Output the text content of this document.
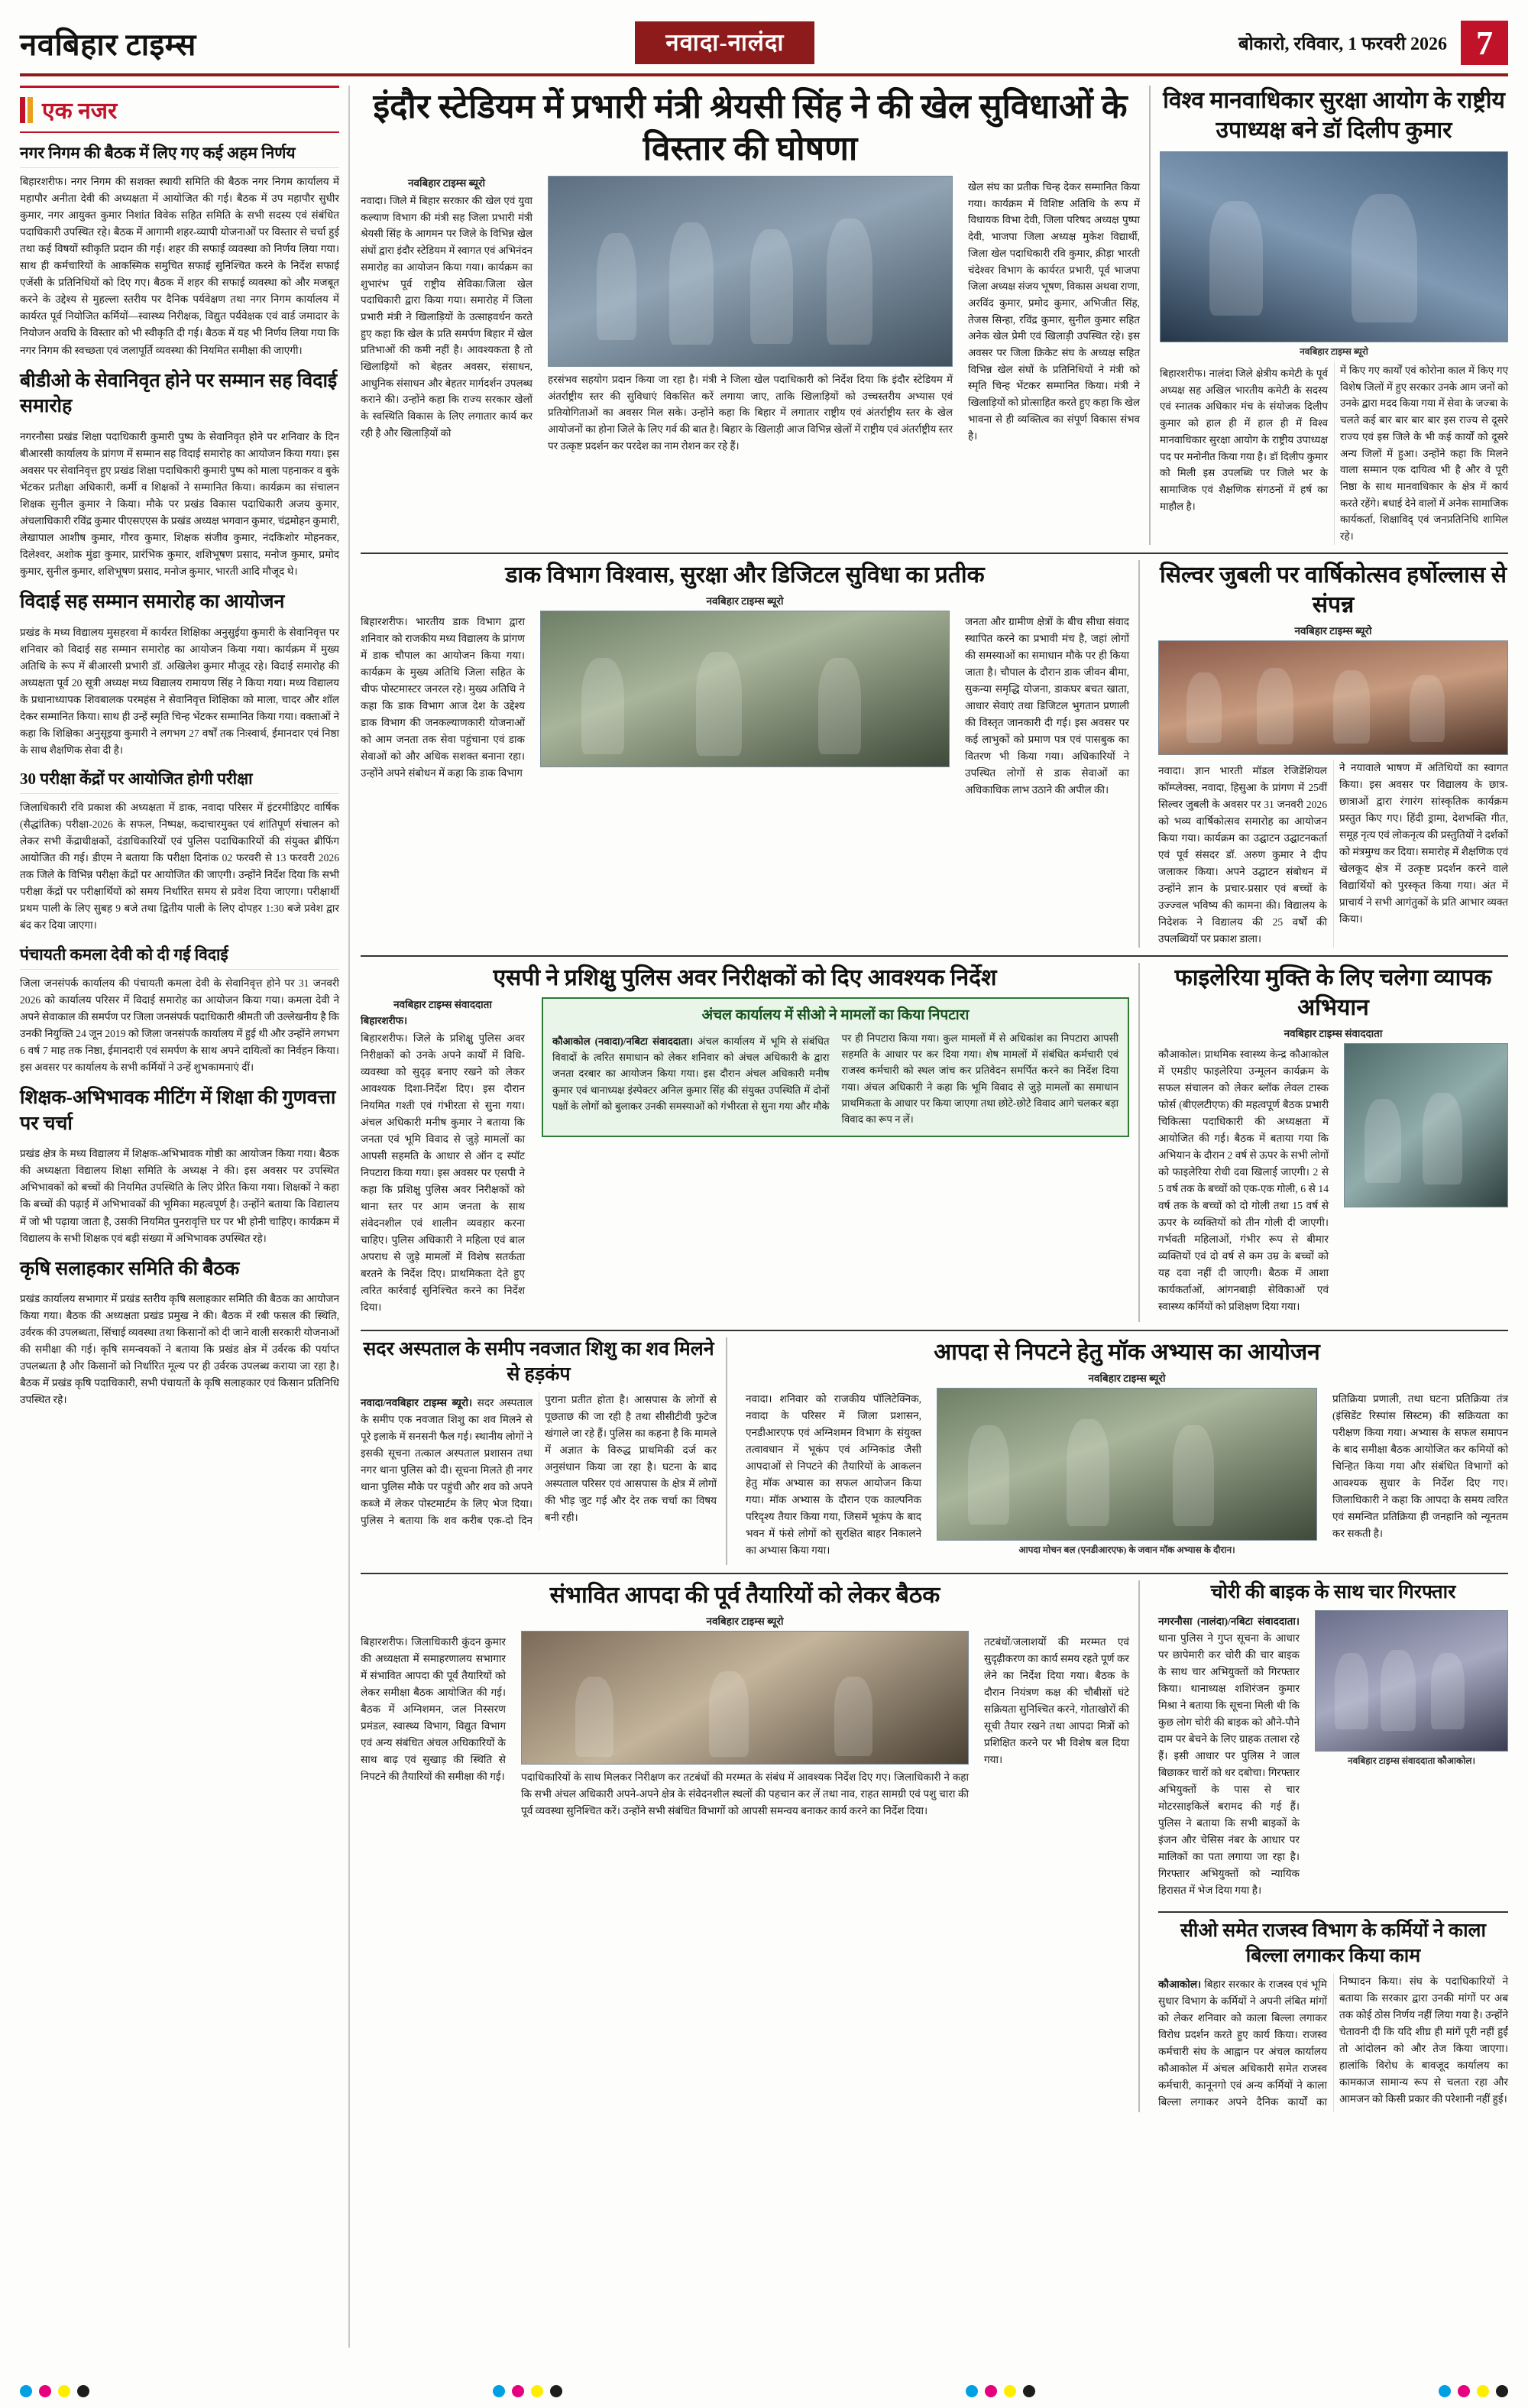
नवबिहार टाइम्स	नवादा-नालंदा	बोकारो, रविवार, 1 फरवरी 2026 7
एक नजर
नगर निगम की बैठक में लिए गए कई अहम निर्णय
बिहारशरीफ। नगर निगम की सशक्त स्थायी समिति की बैठक नगर निगम कार्यालय में महापौर अनीता देवी की अध्यक्षता में आयोजित की गई। बैठक में उप महापौर सुधीर कुमार, नगर आयुक्त कुमार निशांत विवेक सहित समिति के सभी सदस्य एवं संबंधित पदाधिकारी उपस्थित रहे। बैठक में आगामी शहर-व्यापी योजनाओं पर विस्तार से चर्चा हुई तथा कई विषयों स्वीकृति प्रदान की गई। शहर की सफाई व्यवस्था को निर्णय लिया गया। साथ ही कर्मचारियों के आकस्मिक समुचित सफाई सुनिश्चित करने के निर्देश सफाई एजेंसी के प्रतिनिधियों को दिए गए। बैठक में शहर की सफाई व्यवस्था को और मजबूत करने के उद्देश्य से मुहल्ला स्तरीय पर दैनिक पर्यवेक्षण तथा नगर निगम कार्यालय में कार्यरत पूर्व नियोजित कर्मियों—स्वास्थ्य निरीक्षक, विद्युत पर्यवेक्षक एवं वार्ड जमादार के नियोजन अवधि के विस्तार को भी स्वीकृति दी गई। बैठक में यह भी निर्णय लिया गया कि नगर निगम की स्वच्छता एवं जलापूर्ति व्यवस्था की नियमित समीक्षा की जाएगी।
बीडीओ के सेवानिवृत होने पर सम्मान सह विदाई समारोह
नगरनौसा प्रखंड शिक्षा पदाधिकारी कुमारी पुष्प के सेवानिवृत होने पर शनिवार के दिन बीआरसी कार्यालय के प्रांगण में सम्मान सह विदाई समारोह का आयोजन किया गया। इस अवसर पर सेवानिवृत्त हुए प्रखंड शिक्षा पदाधिकारी कुमारी पुष्प को माला पहनाकर व बुके भेंटकर प्रतीक्षा अधिकारी, कर्मी व शिक्षकों ने सम्मानित किया। कार्यक्रम का संचालन शिक्षक सुनील कुमार ने किया। मौके पर प्रखंड विकास पदाधिकारी अजय कुमार, अंचलाधिकारी रविंद्र कुमार पीएसएएस के प्रखंड अध्यक्ष भगवान कुमार, चंद्रमोहन कुमारी, लेखापाल आशीष कुमार, गौरव कुमार, शिक्षक संजीव कुमार, नंदकिशोर मोहनकर, दिलेश्वर, अशोक मुंडा कुमार, प्रारंभिक कुमार, शशिभूषण प्रसाद, मनोज कुमार, प्रमोद कुमार, सुनील कुमार, शशिभूषण प्रसाद, मनोज कुमार, भारती आदि मौजूद थे।
विदाई सह सम्मान समारोह का आयोजन
प्रखंड के मध्य विद्यालय मुसहरवा में कार्यरत शिक्षिका अनुसुईया कुमारी के सेवानिवृत्त पर शनिवार को विदाई सह सम्मान समारोह का आयोजन किया गया। कार्यक्रम में मुख्य अतिथि के रूप में बीआरसी प्रभारी डॉ. अखिलेश कुमार मौजूद रहे। विदाई समारोह की अध्यक्षता पूर्व 20 सूत्री अध्यक्ष मध्य विद्यालय रामायण सिंह ने किया गया। मध्य विद्यालय के प्रधानाध्यापक शिवबालक परमहंस ने सेवानिवृत्त शिक्षिका को माला, चादर और शॉल देकर सम्मानित किया। साथ ही उन्हें स्मृति चिन्ह भेंटकर सम्मानित किया गया। वक्ताओं ने कहा कि शिक्षिका अनुसूइया कुमारी ने लगभग 27 वर्षों तक निःस्वार्थ, ईमानदार एवं निष्ठा के साथ शैक्षणिक सेवा दी है।
30 परीक्षा केंद्रों पर आयोजित होगी परीक्षा
जिलाधिकारी रवि प्रकाश की अध्यक्षता में डाक, नवादा परिसर में इंटरमीडिएट वार्षिक (सैद्धांतिक) परीक्षा-2026 के सफल, निष्पक्ष, कदाचारमुक्त एवं शांतिपूर्ण संचालन को लेकर सभी केंद्राधीक्षकों, दंडाधिकारियों एवं पुलिस पदाधिकारियों की संयुक्त ब्रीफिंग आयोजित की गई। डीएम ने बताया कि परीक्षा दिनांक 02 फरवरी से 13 फरवरी 2026 तक जिले के विभिन्न परीक्षा केंद्रों पर आयोजित की जाएगी। उन्होंने निर्देश दिया कि सभी परीक्षा केंद्रों पर परीक्षार्थियों को समय निर्धारित समय से प्रवेश दिया जाएगा। परीक्षार्थी प्रथम पाली के लिए सुबह 9 बजे तथा द्वितीय पाली के लिए दोपहर 1:30 बजे प्रवेश द्वार बंद कर दिया जाएगा।
पंचायती कमला देवी को दी गई विदाई
जिला जनसंपर्क कार्यालय की पंचायती कमला देवी के सेवानिवृत्त होने पर 31 जनवरी 2026 को कार्यालय परिसर में विदाई समारोह का आयोजन किया गया। कमला देवी ने अपने सेवाकाल की समर्पण पर जिला जनसंपर्क पदाधिकारी श्रीमती जी उल्लेखनीय है कि उनकी नियुक्ति 24 जून 2019 को जिला जनसंपर्क कार्यालय में हुई थी और उन्होंने लगभग 6 वर्ष 7 माह तक निष्ठा, ईमानदारी एवं समर्पण के साथ अपने दायित्वों का निर्वहन किया। इस अवसर पर कार्यालय के सभी कर्मियों ने उन्हें शुभकामनाएं दीं।
शिक्षक-अभिभावक मीटिंग में शिक्षा की गुणवत्ता पर चर्चा
प्रखंड क्षेत्र के मध्य विद्यालय में शिक्षक-अभिभावक गोष्ठी का आयोजन किया गया। बैठक की अध्यक्षता विद्यालय शिक्षा समिति के अध्यक्ष ने की। इस अवसर पर उपस्थित अभिभावकों को बच्चों की नियमित उपस्थिति के लिए प्रेरित किया गया। शिक्षकों ने कहा कि बच्चों की पढ़ाई में अभिभावकों की भूमिका महत्वपूर्ण है। उन्होंने बताया कि विद्यालय में जो भी पढ़ाया जाता है, उसकी नियमित पुनरावृत्ति घर पर भी होनी चाहिए। कार्यक्रम में विद्यालय के सभी शिक्षक एवं बड़ी संख्या में अभिभावक उपस्थित रहे।
कृषि सलाहकार समिति की बैठक
प्रखंड कार्यालय सभागार में प्रखंड स्तरीय कृषि सलाहकार समिति की बैठक का आयोजन किया गया। बैठक की अध्यक्षता प्रखंड प्रमुख ने की। बैठक में रबी फसल की स्थिति, उर्वरक की उपलब्धता, सिंचाई व्यवस्था तथा किसानों को दी जाने वाली सरकारी योजनाओं की समीक्षा की गई। कृषि समन्वयकों ने बताया कि प्रखंड क्षेत्र में उर्वरक की पर्याप्त उपलब्धता है और किसानों को निर्धारित मूल्य पर ही उर्वरक उपलब्ध कराया जा रहा है। बैठक में प्रखंड कृषि पदाधिकारी, सभी पंचायतों के कृषि सलाहकार एवं किसान प्रतिनिधि उपस्थित रहे।
इंदौर स्टेडियम में प्रभारी मंत्री श्रेयसी सिंह ने की खेल सुविधाओं के विस्तार की घोषणा
नवबिहार टाइम्स ब्यूरो
नवादा। जिले में बिहार सरकार की खेल एवं युवा कल्याण विभाग की मंत्री सह जिला प्रभारी मंत्री श्रेयसी सिंह के आगमन पर जिले के विभिन्न खेल संघों द्वारा इंदौर स्टेडियम में स्वागत एवं अभिनंदन समारोह का आयोजन किया गया। कार्यक्रम का शुभारंभ पूर्व राष्ट्रीय सेविका/जिला खेल पदाधिकारी द्वारा किया गया। समारोह में जिला प्रभारी मंत्री ने खिलाड़ियों के उत्साहवर्धन करते हुए कहा कि खेल के प्रति समर्पण बिहार में खेल प्रतिभाओं की कमी नहीं है। आवश्यकता है तो खिलाड़ियों को बेहतर अवसर, संसाधन, आधुनिक संसाधन और बेहतर मार्गदर्शन उपलब्ध कराने की। उन्होंने कहा कि राज्य सरकार खेलों के स्वस्थिति विकास के लिए लगातार कार्य कर रही है और खिलाड़ियों को
हरसंभव सहयोग प्रदान किया जा रहा है। मंत्री ने जिला खेल पदाधिकारी को निर्देश दिया कि इंदौर स्टेडियम में अंतर्राष्ट्रीय स्तर की सुविधाएं विकसित करें लगाया जाए, ताकि खिलाड़ियों को उच्चस्तरीय अभ्यास एवं प्रतियोगिताओं का अवसर मिल सके। उन्होंने कहा कि बिहार में लगातार राष्ट्रीय एवं अंतर्राष्ट्रीय स्तर के खेल आयोजनों का होना जिले के लिए गर्व की बात है। बिहार के खिलाड़ी आज विभिन्न खेलों में राष्ट्रीय एवं अंतर्राष्ट्रीय स्तर पर उत्कृष्ट प्रदर्शन कर परदेश का नाम रोशन कर रहे हैं।
खेल संघ का प्रतीक चिन्ह देकर सम्मानित किया गया। कार्यक्रम में विशिष्ट अतिथि के रूप में विधायक विभा देवी, जिला परिषद अध्यक्ष पुष्पा देवी, भाजपा जिला अध्यक्ष मुकेश विद्यार्थी, जिला खेल पदाधिकारी रवि कुमार, क्रीड़ा भारती चंदेश्वर विभाग के कार्यरत प्रभारी, पूर्व भाजपा जिला अध्यक्ष संजय भूषण, विकास अथवा राणा, अरविंद कुमार, प्रमोद कुमार, अभिजीत सिंह, तेजस सिन्हा, रविंद्र कुमार, सुनील कुमार सहित अनेक खेल प्रेमी एवं खिलाड़ी उपस्थित रहे। इस अवसर पर जिला क्रिकेट संघ के अध्यक्ष सहित विभिन्न खेल संघों के प्रतिनिधियों ने मंत्री को स्मृति चिन्ह भेंटकर सम्मानित किया। मंत्री ने खिलाड़ियों को प्रोत्साहित करते हुए कहा कि खेल भावना से ही व्यक्तित्व का संपूर्ण विकास संभव है।
विश्व मानवाधिकार सुरक्षा आयोग के राष्ट्रीय उपाध्यक्ष बने डॉ दिलीप कुमार
नवबिहार टाइम्स ब्यूरो
बिहारशरीफ। नालंदा जिले क्षेत्रीय कमेटी के पूर्व अध्यक्ष सह अखिल भारतीय कमेटी के सदस्य एवं स्नातक अधिकार मंच के संयोजक दिलीप कुमार को हाल ही में हाल ही में विश्व मानवाधिकार सुरक्षा आयोग के राष्ट्रीय उपाध्यक्ष पद पर मनोनीत किया गया है। डॉ दिलीप कुमार को मिली इस उपलब्धि पर जिले भर के सामाजिक एवं शैक्षणिक संगठनों में हर्ष का माहौल है।
में किए गए कार्यों एवं कोरोना काल में किए गए विशेष जिलों में हुए सरकार उनके आम जनों को उनके द्वारा मदद किया गया में सेवा के जज्बा के चलते कई बार बार बार बार इस राज्य से दूसरे राज्य एवं इस जिले के भी कई कार्यों को दूसरे अन्य जिलों में हुआ। उन्होंने कहा कि मिलने वाला सम्मान एक दायित्व भी है और वे पूरी निष्ठा के साथ मानवाधिकार के क्षेत्र में कार्य करते रहेंगे। बधाई देने वालों में अनेक सामाजिक कार्यकर्ता, शिक्षाविद् एवं जनप्रतिनिधि शामिल रहे।
डाक विभाग विश्वास, सुरक्षा और डिजिटल सुविधा का प्रतीक
नवबिहार टाइम्स ब्यूरो
बिहारशरीफ। भारतीय डाक विभाग द्वारा शनिवार को राजकीय मध्य विद्यालय के प्रांगण में डाक चौपाल का आयोजन किया गया। कार्यक्रम के मुख्य अतिथि जिला सहित के चीफ पोस्टमास्टर जनरल रहे। मुख्य अतिथि ने कहा कि डाक विभाग आज देश के उद्देश्य डाक विभाग की जनकल्याणकारी योजनाओं को आम जनता तक सेवा पहुंचाना एवं डाक सेवाओं को और अधिक सशक्त बनाना रहा। उन्होंने अपने संबोधन में कहा कि डाक विभाग
जनता और ग्रामीण क्षेत्रों के बीच सीधा संवाद स्थापित करने का प्रभावी मंच है, जहां लोगों की समस्याओं का समाधान मौके पर ही किया जाता है। चौपाल के दौरान डाक जीवन बीमा, सुकन्या समृद्धि योजना, डाकघर बचत खाता, आधार सेवाएं तथा डिजिटल भुगतान प्रणाली की विस्तृत जानकारी दी गई। इस अवसर पर कई लाभुकों को प्रमाण पत्र एवं पासबुक का वितरण भी किया गया। अधिकारियों ने उपस्थित लोगों से डाक सेवाओं का अधिकाधिक लाभ उठाने की अपील की।
सिल्वर जुबली पर वार्षिकोत्सव हर्षोल्लास से संपन्न
नवबिहार टाइम्स ब्यूरो
नवादा। ज्ञान भारती मॉडल रेजिडेंशियल कॉम्प्लेक्स, नवादा, हिसुआ के प्रांगण में 25वीं सिल्वर जुबली के अवसर पर 31 जनवरी 2026 को भव्य वार्षिकोत्सव समारोह का आयोजन किया गया। कार्यक्रम का उद्घाटन उद्घाटनकर्ता एवं पूर्व संसदर डॉ. अरुण कुमार ने दीप जलाकर किया। अपने उद्घाटन संबोधन में उन्होंने ज्ञान के प्रचार-प्रसार एवं बच्चों के उज्ज्वल भविष्य की कामना की। विद्यालय के निदेशक ने विद्यालय की 25 वर्षों की उपलब्धियों पर प्रकाश डाला।
ने नयावाले भाषण में अतिथियों का स्वागत किया। इस अवसर पर विद्यालय के छात्र-छात्राओं द्वारा रंगारंग सांस्कृतिक कार्यक्रम प्रस्तुत किए गए। हिंदी ड्रामा, देशभक्ति गीत, समूह नृत्य एवं लोकनृत्य की प्रस्तुतियों ने दर्शकों को मंत्रमुग्ध कर दिया। समारोह में शैक्षणिक एवं खेलकूद क्षेत्र में उत्कृष्ट प्रदर्शन करने वाले विद्यार्थियों को पुरस्कृत किया गया। अंत में प्राचार्य ने सभी आगंतुकों के प्रति आभार व्यक्त किया।
एसपी ने प्रशिक्षु पुलिस अवर निरीक्षकों को दिए आवश्यक निर्देश
नवबिहार टाइम्स संवाददाता
बिहारशरीफ।
बिहारशरीफ। जिले के प्रशिक्षु पुलिस अवर निरीक्षकों को उनके अपने कार्यों में विधि-व्यवस्था को सुदृढ़ बनाए रखने को लेकर आवश्यक दिशा-निर्देश दिए। इस दौरान नियमित गश्ती एवं गंभीरता से सुना गया। अंचल अधिकारी मनीष कुमार ने बताया कि जनता एवं भूमि विवाद से जुड़े मामलों का आपसी सहमति के आधार से ऑन द स्पॉट निपटारा किया गया। इस अवसर पर एसपी ने कहा कि प्रशिक्षु पुलिस अवर निरीक्षकों को थाना स्तर पर आम जनता के साथ संवेदनशील एवं शालीन व्यवहार करना चाहिए। पुलिस अधिकारी ने महिला एवं बाल अपराध से जुड़े मामलों में विशेष सतर्कता बरतने के निर्देश दिए। प्राथमिकता देते हुए त्वरित कार्रवाई सुनिश्चित करने का निर्देश दिया।
अंचल कार्यालय में सीओ ने मामलों का किया निपटारा
कौआकोल (नवादा)/नबिटा संवाददाता। अंचल कार्यालय में भूमि से संबंधित विवादों के त्वरित समाधान को लेकर शनिवार को अंचल अधिकारी के द्वारा जनता दरबार का आयोजन किया गया। इस दौरान अंचल अधिकारी मनीष कुमार एवं थानाध्यक्ष इंस्पेक्टर अनिल कुमार सिंह की संयुक्त उपस्थिति में दोनों पक्षों के लोगों को बुलाकर उनकी समस्याओं को गंभीरता से सुना गया और मौके पर ही निपटारा किया गया। कुल मामलों में से अधिकांश का निपटारा आपसी सहमति के आधार पर कर दिया गया। शेष मामलों में संबंधित कर्मचारी एवं राजस्व कर्मचारी को स्थल जांच कर प्रतिवेदन समर्पित करने का निर्देश दिया गया। अंचल अधिकारी ने कहा कि भूमि विवाद से जुड़े मामलों का समाधान प्राथमिकता के आधार पर किया जाएगा तथा छोटे-छोटे विवाद आगे चलकर बड़ा विवाद का रूप न लें।
फाइलेरिया मुक्ति के लिए चलेगा व्यापक अभियान
नवबिहार टाइम्स संवाददाता
कौआकोल। प्राथमिक स्वास्थ्य केन्द्र कौआकोल में एमडीए फाइलेरिया उन्मूलन कार्यक्रम के सफल संचालन को लेकर ब्लॉक लेवल टास्क फोर्स (बीएलटीएफ) की महत्वपूर्ण बैठक प्रभारी चिकित्सा पदाधिकारी की अध्यक्षता में आयोजित की गई। बैठक में बताया गया कि अभियान के दौरान 2 वर्ष से ऊपर के सभी लोगों को फाइलेरिया रोधी दवा खिलाई जाएगी। 2 से 5 वर्ष तक के बच्चों को एक-एक गोली, 6 से 14 वर्ष तक के बच्चों को दो गोली तथा 15 वर्ष से ऊपर के व्यक्तियों को तीन गोली दी जाएगी। गर्भवती महिलाओं, गंभीर रूप से बीमार व्यक्तियों एवं दो वर्ष से कम उम्र के बच्चों को यह दवा नहीं दी जाएगी। बैठक में आशा कार्यकर्ताओं, आंगनबाड़ी सेविकाओं एवं स्वास्थ्य कर्मियों को प्रशिक्षण दिया गया।
सदर अस्पताल के समीप नवजात शिशु का शव मिलने से हड़कंप
नवादा/नवबिहार टाइम्स ब्यूरो। सदर अस्पताल के समीप एक नवजात शिशु का शव मिलने से पूरे इलाके में सनसनी फैल गई। स्थानीय लोगों ने इसकी सूचना तत्काल अस्पताल प्रशासन तथा नगर थाना पुलिस को दी। सूचना मिलते ही नगर थाना पुलिस मौके पर पहुंची और शव को अपने कब्जे में लेकर पोस्टमार्टम के लिए भेज दिया। पुलिस ने बताया कि शव करीब एक-दो दिन पुराना प्रतीत होता है। आसपास के लोगों से पूछताछ की जा रही है तथा सीसीटीवी फुटेज खंगाले जा रहे हैं। पुलिस का कहना है कि मामले में अज्ञात के विरुद्ध प्राथमिकी दर्ज कर अनुसंधान किया जा रहा है। घटना के बाद अस्पताल परिसर एवं आसपास के क्षेत्र में लोगों की भीड़ जुट गई और देर तक चर्चा का विषय बनी रही।
आपदा से निपटने हेतु मॉक अभ्यास का आयोजन
नवबिहार टाइम्स ब्यूरो
नवादा। शनिवार को राजकीय पॉलिटेक्निक, नवादा के परिसर में जिला प्रशासन, एनडीआरएफ एवं अग्निशमन विभाग के संयुक्त तत्वावधान में भूकंप एवं अग्निकांड जैसी आपदाओं से निपटने की तैयारियों के आकलन हेतु मॉक अभ्यास का सफल आयोजन किया गया। मॉक अभ्यास के दौरान एक काल्पनिक परिदृश्य तैयार किया गया, जिसमें भूकंप के बाद भवन में फंसे लोगों को सुरक्षित बाहर निकालने का अभ्यास किया गया।	आपदा मोचन बल (एनडीआरएफ) के जवान मॉक अभ्यास के दौरान।
प्रतिक्रिया प्रणाली, तथा घटना प्रतिक्रिया तंत्र (इंसिडेंट रिस्पांस सिस्टम) की सक्रियता का परीक्षण किया गया। अभ्यास के सफल समापन के बाद समीक्षा बैठक आयोजित कर कमियों को चिन्हित किया गया और संबंधित विभागों को आवश्यक सुधार के निर्देश दिए गए। जिलाधिकारी ने कहा कि आपदा के समय त्वरित एवं समन्वित प्रतिक्रिया ही जनहानि को न्यूनतम कर सकती है।
संभावित आपदा की पूर्व तैयारियों को लेकर बैठक
नवबिहार टाइम्स ब्यूरो
बिहारशरीफ। जिलाधिकारी कुंदन कुमार की अध्यक्षता में समाहरणालय सभागार में संभावित आपदा की पूर्व तैयारियों को लेकर समीक्षा बैठक आयोजित की गई। बैठक में अग्निशमन, जल निस्सरण प्रमंडल, स्वास्थ्य विभाग, विद्युत विभाग एवं अन्य संबंधित अंचल अधिकारियों के साथ बाढ़ एवं सुखाड़ की स्थिति से निपटने की तैयारियों की समीक्षा की गई। पदाधिकारियों के साथ मिलकर निरीक्षण कर तटबंधों की मरम्मत के संबंध में आवश्यक निर्देश दिए गए। जिलाधिकारी ने कहा कि सभी अंचल अधिकारी अपने-अपने क्षेत्र के संवेदनशील स्थलों की पहचान कर लें तथा नाव, राहत सामग्री एवं पशु चारा की पूर्व व्यवस्था सुनिश्चित करें। उन्होंने सभी संबंधित विभागों को आपसी समन्वय बनाकर कार्य करने का निर्देश दिया।
तटबंधों/जलाशयों की मरम्मत एवं सुदृढ़ीकरण का कार्य समय रहते पूर्ण कर लेने का निर्देश दिया गया। बैठक के दौरान नियंत्रण कक्ष की चौबीसों घंटे सक्रियता सुनिश्चित करने, गोताखोरों की सूची तैयार रखने तथा आपदा मित्रों को प्रशिक्षित करने पर भी विशेष बल दिया गया।
चोरी की बाइक के साथ चार गिरफ्तार
नगरनौसा (नालंदा)/नबिटा संवाददाता। थाना पुलिस ने गुप्त सूचना के आधार पर छापेमारी कर चोरी की चार बाइक के साथ चार अभियुक्तों को गिरफ्तार किया। थानाध्यक्ष शशिरंजन कुमार मिश्रा ने बताया कि सूचना मिली थी कि कुछ लोग चोरी की बाइक को औने-पौने दाम पर बेचने के लिए ग्राहक तलाश रहे हैं। इसी आधार पर पुलिस ने जाल बिछाकर चारों को धर दबोचा। गिरफ्तार अभियुक्तों के पास से चार मोटरसाइकिलें बरामद की गई हैं। पुलिस ने बताया कि सभी बाइकों के इंजन और चेसिस नंबर के आधार पर मालिकों का पता लगाया जा रहा है। गिरफ्तार अभियुक्तों को न्यायिक हिरासत में भेज दिया गया है।
नवबिहार टाइम्स संवाददाता कौआकोल।
सीओ समेत राजस्व विभाग के कर्मियों ने काला बिल्ला लगाकर किया काम
कौआकोल। बिहार सरकार के राजस्व एवं भूमि सुधार विभाग के कर्मियों ने अपनी लंबित मांगों को लेकर शनिवार को काला बिल्ला लगाकर विरोध प्रदर्शन करते हुए कार्य किया। राजस्व कर्मचारी संघ के आह्वान पर अंचल कार्यालय कौआकोल में अंचल अधिकारी समेत राजस्व कर्मचारी, कानूनगो एवं अन्य कर्मियों ने काला बिल्ला लगाकर अपने दैनिक कार्यों का निष्पादन किया। संघ के पदाधिकारियों ने बताया कि सरकार द्वारा उनकी मांगों पर अब तक कोई ठोस निर्णय नहीं लिया गया है। उन्होंने चेतावनी दी कि यदि शीघ्र ही मांगें पूरी नहीं हुईं तो आंदोलन को और तेज किया जाएगा। हालांकि विरोध के बावजूद कार्यालय का कामकाज सामान्य रूप से चलता रहा और आमजन को किसी प्रकार की परेशानी नहीं हुई।
